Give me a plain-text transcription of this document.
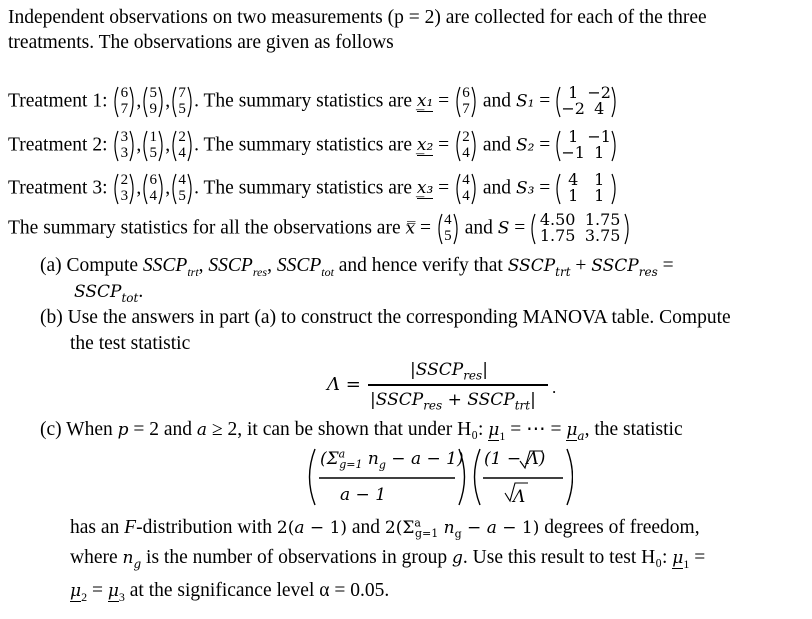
Independent observations on two measurements (p = 2) are collected for each of the three
treatments. The observations are given as follows
Treatment 1: 6
7 , 5
9 , 7
5 . The summary statistics are x̲₁ = 6
7 and S₁ = 1 −2
−2 4
Treatment 2: 3
3 , 1
5 , 2
4 . The summary statistics are x̲₂ = 2
4 and S₂ = 1 −1
−1 1
Treatment 3: 2
3 , 6
4 , 4
5 . The summary statistics are x̲₃ = 4
4 and S₃ = 4 1
1 1
The summary statistics for all the observations are x̿ = 4
5 and S = 4.50 1.75
1.75 3.75
(a) Compute $SSCP_{trt}$, $SSCP_{res}$, $SSCP_{tot}$ and hence verify that $SSCP_{trt}$ + $SSCP_{res}$ =
$SSCP_{tot}$.
(b) Use the answers in part (a) to construct the corresponding MANOVA table. Compute
the test statistic
Λ =
$|SSCP_{res}|$
$|SSCP_{res}$ + $SSCP_{trt}|$
.
(c) When p = 2 and a ≥ 2, it can be shown that under H₀: $\mu_1$ = ⋯ = $\mu_a$, the statistic
($\Sigma^a_{g=1}$ $n_g - a - 1$)
a − 1
(1 − Λ)
Λ
has an F-distribution with 2(a − 1) and $2(\Sigma^a_{g=1}$ $n_g - a - 1$) degrees of freedom,
where $n_g$ is the number of observations in group g. Use this result to test H₀: $\mu_1$ =
$\mu_2 = \mu_3$ at the significance level α = 0.05.
